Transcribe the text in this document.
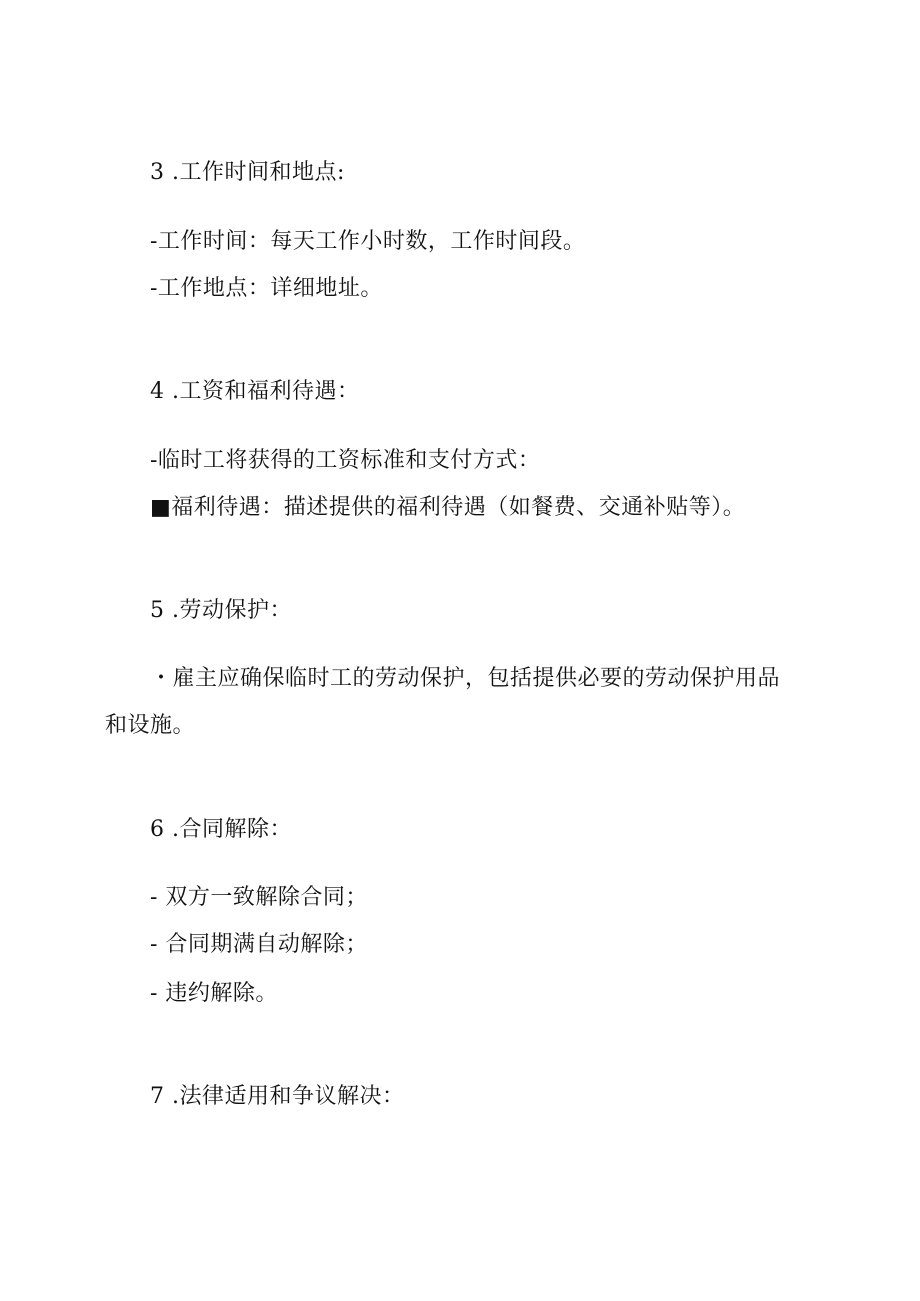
3 .工作时间和地点:
-工作时间：每天工作小时数，工作时间段。
-工作地点：详细地址。
4 .工资和福利待遇：
-临时工将获得的工资标准和支付方式：
■福利待遇：描述提供的福利待遇（如餐费、交通补贴等）。
5 .劳动保护：
・雇主应确保临时工的劳动保护，包括提供必要的劳动保护用品
和设施。
6 .合同解除：
- 双方一致解除合同；
- 合同期满自动解除；
- 违约解除。
7 .法律适用和争议解决：
